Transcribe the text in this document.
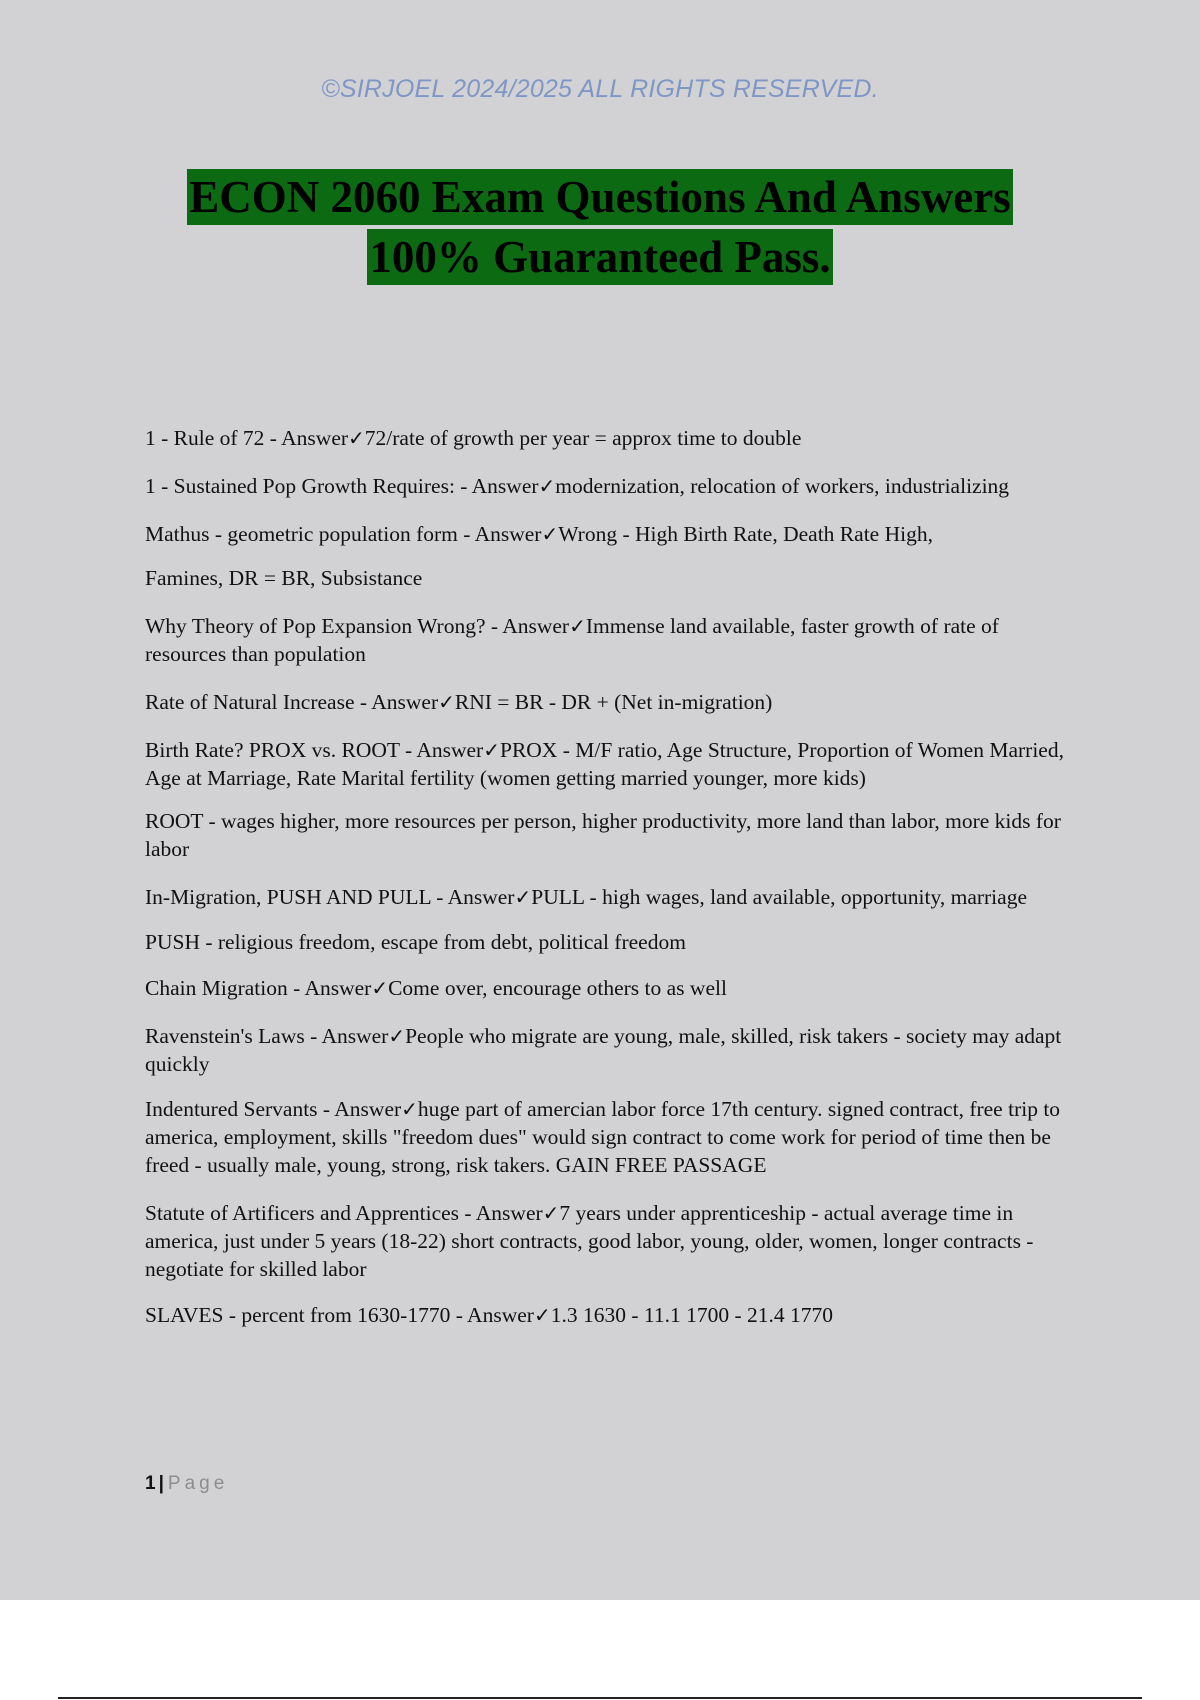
©SIRJOEL 2024/2025 ALL RIGHTS RESERVED.
ECON 2060 Exam Questions And Answers
100% Guaranteed Pass.
1 - Rule of 72 - Answer✓72/rate of growth per year = approx time to double
1 - Sustained Pop Growth Requires: - Answer✓modernization, relocation of workers, industrializing
Mathus - geometric population form - Answer✓Wrong - High Birth Rate, Death Rate High,
Famines, DR = BR, Subsistance
Why Theory of Pop Expansion Wrong? - Answer✓Immense land available, faster growth of rate of resources than population
Rate of Natural Increase - Answer✓RNI = BR - DR + (Net in-migration)
Birth Rate? PROX vs. ROOT - Answer✓PROX - M/F ratio, Age Structure, Proportion of Women Married, Age at Marriage, Rate Marital fertility (women getting married younger, more kids)
ROOT - wages higher, more resources per person, higher productivity, more land than labor, more kids for labor
In-Migration, PUSH AND PULL - Answer✓PULL - high wages, land available, opportunity, marriage
PUSH - religious freedom, escape from debt, political freedom
Chain Migration - Answer✓Come over, encourage others to as well
Ravenstein's Laws - Answer✓People who migrate are young, male, skilled, risk takers - society may adapt quickly
Indentured Servants - Answer✓huge part of amercian labor force 17th century. signed contract, free trip to america, employment, skills "freedom dues" would sign contract to come work for period of time then be freed - usually male, young, strong, risk takers. GAIN FREE PASSAGE
Statute of Artificers and Apprentices - Answer✓7 years under apprenticeship - actual average time in america, just under 5 years (18-22) short contracts, good labor, young, older, women, longer contracts - negotiate for skilled labor
SLAVES - percent from 1630-1770 - Answer✓1.3 1630 - 11.1 1700 - 21.4 1770
1 | Page
